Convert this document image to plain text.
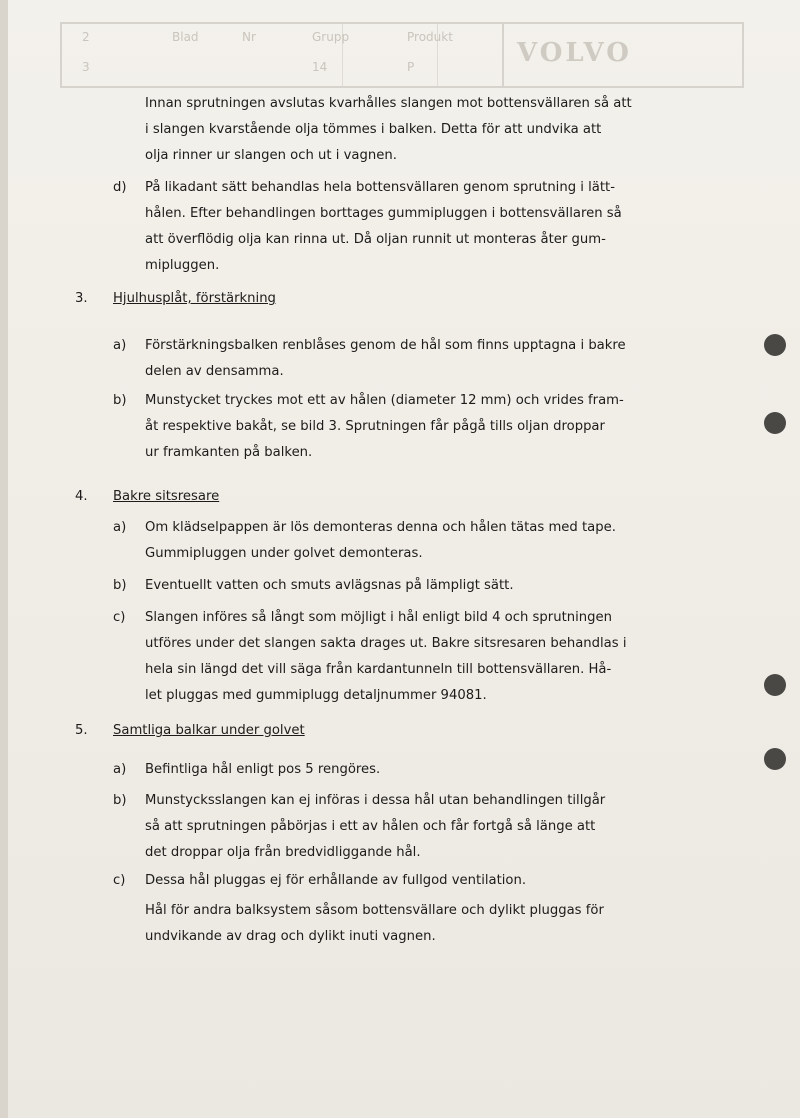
Produkt
Grupp
Nr
Blad
2
P
14
3	VOLVO
Innan sprutningen avslutas kvarhålles slangen mot bottensvällaren så att
i slangen kvarstående olja tömmes i balken. Detta för att undvika att
olja rinner ur slangen och ut i vagnen.
d) På likadant sätt behandlas hela bottensvällaren genom sprutning i lätt-
hålen. Efter behandlingen borttages gummipluggen i bottensvällaren så
att överflödig olja kan rinna ut. Då oljan runnit ut monteras åter gum-
mipluggen.
3. Hjulhusplåt, förstärkning
a) Förstärkningsbalken renblåses genom de hål som finns upptagna i bakre
delen av densamma.
b) Munstycket tryckes mot ett av hålen (diameter 12 mm) och vrides fram-
åt respektive bakåt, se bild 3. Sprutningen får pågå tills oljan droppar
ur framkanten på balken.
4. Bakre sitsresare
a) Om klädselpappen är lös demonteras denna och hålen tätas med tape.
Gummipluggen under golvet demonteras.
b) Eventuellt vatten och smuts avlägsnas på lämpligt sätt.
c) Slangen införes så långt som möjligt i hål enligt bild 4 och sprutningen
utföres under det slangen sakta drages ut. Bakre sitsresaren behandlas i
hela sin längd det vill säga från kardantunneln till bottensvällaren. Hå-
let pluggas med gummiplugg detaljnummer 94081.
5. Samtliga balkar under golvet
a) Befintliga hål enligt pos 5 rengöres.
b) Munstycksslangen kan ej införas i dessa hål utan behandlingen tillgår
så att sprutningen påbörjas i ett av hålen och får fortgå så länge att
det droppar olja från bredvidliggande hål.
c) Dessa hål pluggas ej för erhållande av fullgod ventilation.
Hål för andra balksystem såsom bottensvällare och dylikt pluggas för
undvikande av drag och dylikt inuti vagnen.
